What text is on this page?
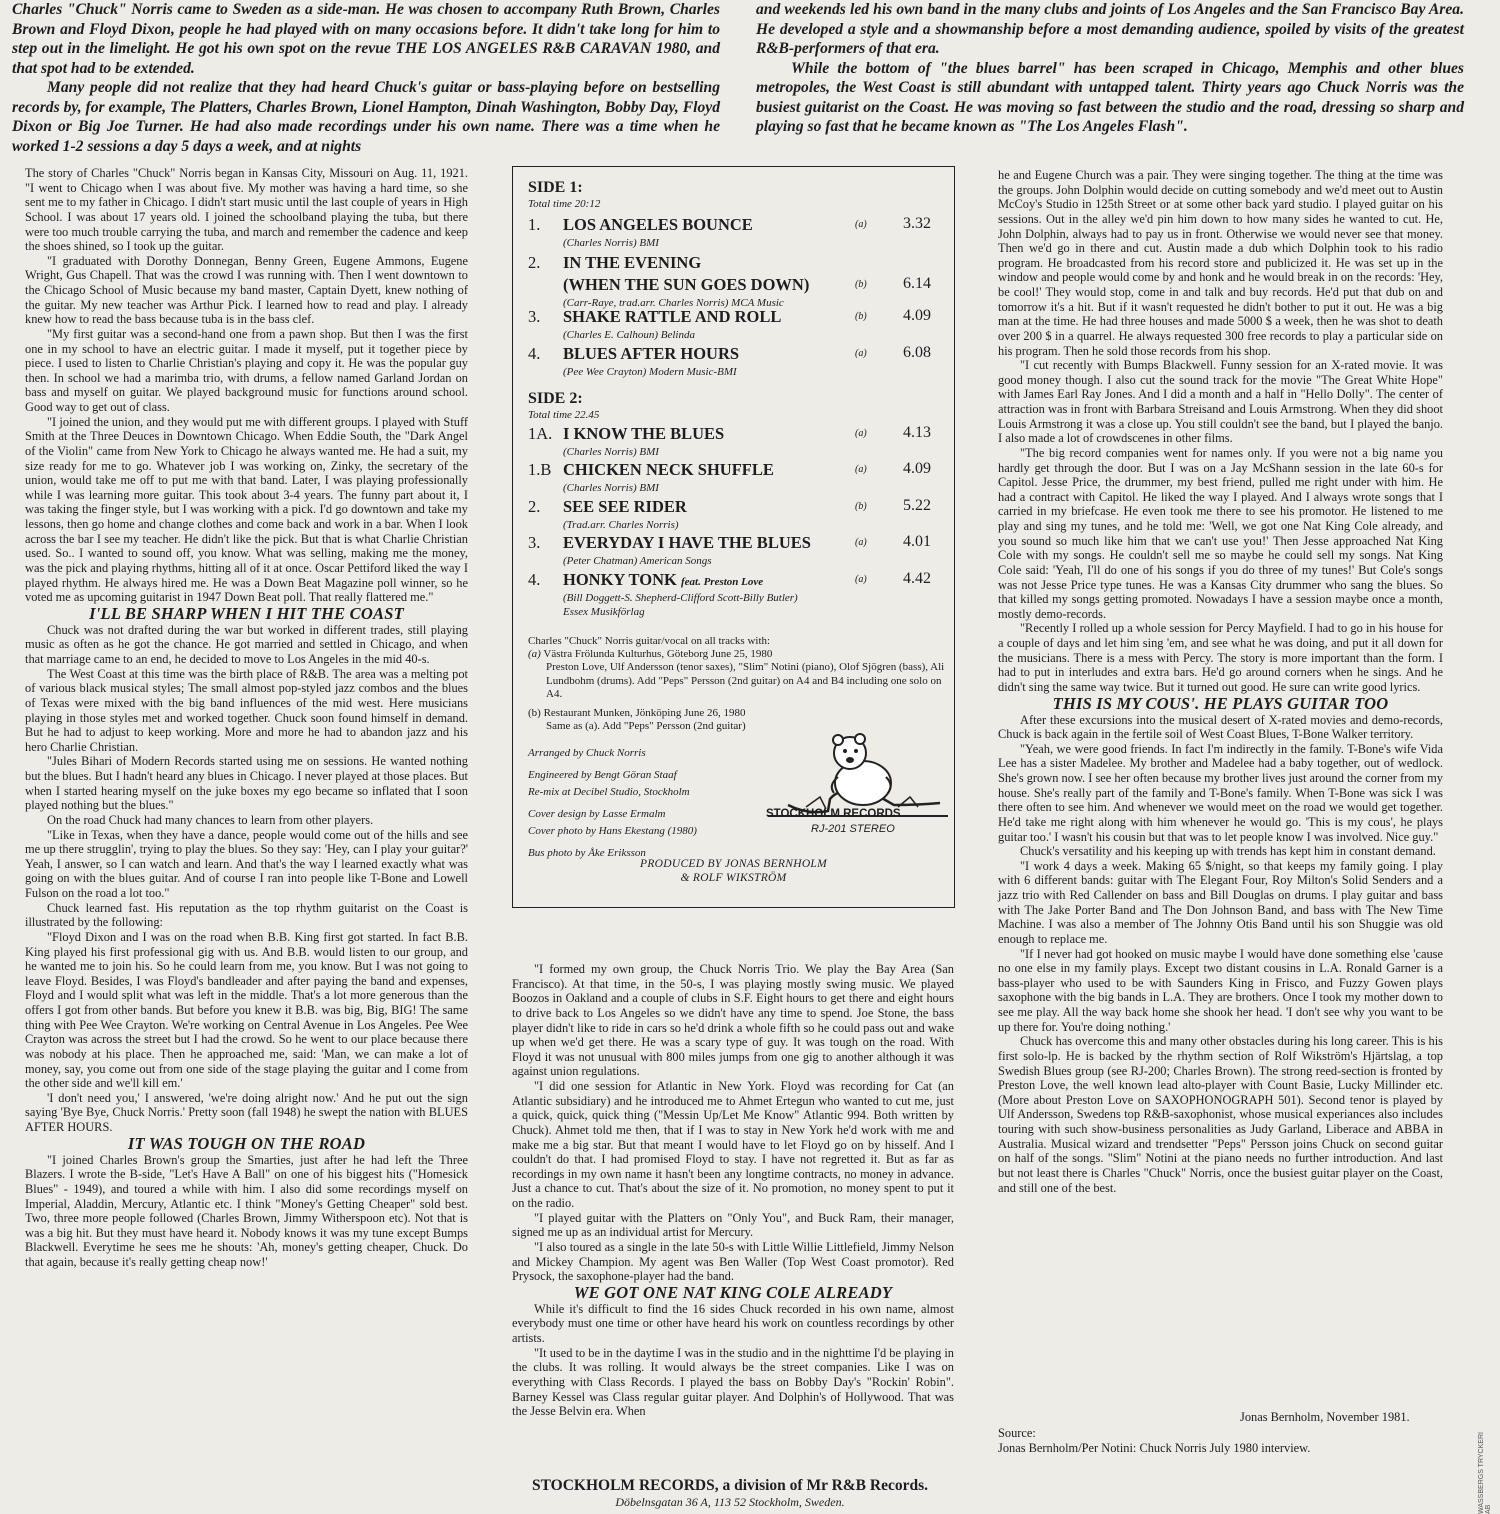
Charles "Chuck" Norris came to Sweden as a side-man. He was chosen to accompany Ruth Brown, Charles Brown and Floyd Dixon, people he had played with on many occasions before. It didn't take long for him to step out in the limelight. He got his own spot on the revue THE LOS ANGELES R&B CARAVAN 1980, and that spot had to be extended.

Many people did not realize that they had heard Chuck's guitar or bass-playing before on bestselling records by, for example, The Platters, Charles Brown, Lionel Hampton, Dinah Washington, Bobby Day, Floyd Dixon or Big Joe Turner. He had also made recordings under his own name. There was a time when he worked 1-2 sessions a day 5 days a week, and at nights

and weekends led his own band in the many clubs and joints of Los Angeles and the San Francisco Bay Area. He developed a style and a showmanship before a most demanding audience, spoiled by visits of the greatest R&B-performers of that era.

While the bottom of "the blues barrel" has been scraped in Chicago, Memphis and other blues metropoles, the West Coast is still abundant with untapped talent. Thirty years ago Chuck Norris was the busiest guitarist on the Coast. He was moving so fast between the studio and the road, dressing so sharp and playing so fast that he became known as "The Los Angeles Flash".

The story of Charles "Chuck" Norris began in Kansas City, Missouri on Aug. 11, 1921. "I went to Chicago when I was about five. My mother was having a hard time, so she sent me to my father in Chicago. I didn't start music until the last couple of years in High School. I was about 17 years old. I joined the schoolband playing the tuba, but there were too much trouble carrying the tuba, and march and remember the cadence and keep the shoes shined, so I took up the guitar.

"I graduated with Dorothy Donnegan, Benny Green, Eugene Ammons, Eugene Wright, Gus Chapell. That was the crowd I was running with. Then I went downtown to the Chicago School of Music because my band master, Captain Dyett, knew nothing of the guitar. My new teacher was Arthur Pick. I learned how to read and play. I already knew how to read the bass because tuba is in the bass clef.

"My first guitar was a second-hand one from a pawn shop. But then I was the first one in my school to have an electric guitar. I made it myself, put it together piece by piece. I used to listen to Charlie Christian's playing and copy it. He was the popular guy then. In school we had a marimba trio, with drums, a fellow named Garland Jordan on bass and myself on guitar. We played background music for functions around school. Good way to get out of class.

"I joined the union, and they would put me with different groups. I played with Stuff Smith at the Three Deuces in Downtown Chicago. When Eddie South, the "Dark Angel of the Violin" came from New York to Chicago he always wanted me. He had a suit, my size ready for me to go. Whatever job I was working on, Zinky, the secretary of the union, would take me off to put me with that band. Later, I was playing professionally while I was learning more guitar. This took about 3-4 years. The funny part about it, I was taking the finger style, but I was working with a pick. I'd go downtown and take my lessons, then go home and change clothes and come back and work in a bar. When I look across the bar I see my teacher. He didn't like the pick. But that is what Charlie Christian used. So.. I wanted to sound off, you know. What was selling, making me the money, was the pick and playing rhythms, hitting all of it at once. Oscar Pettiford liked the way I played rhythm. He always hired me. He was a Down Beat Magazine poll winner, so he voted me as upcoming guitarist in 1947 Down Beat poll. That really flattered me."

I'LL BE SHARP WHEN I HIT THE COAST

Chuck was not drafted during the war but worked in different trades, still playing music as often as he got the chance. He got married and settled in Chicago, and when that marriage came to an end, he decided to move to Los Angeles in the mid 40-s.

The West Coast at this time was the birth place of R&B. The area was a melting pot of various black musical styles; The small almost pop-styled jazz combos and the blues of Texas were mixed with the big band influences of the mid west. Here musicians playing in those styles met and worked together. Chuck soon found himself in demand. But he had to adjust to keep working. More and more he had to abandon jazz and his hero Charlie Christian.

"Jules Bihari of Modern Records started using me on sessions. He wanted nothing but the blues. But I hadn't heard any blues in Chicago. I never played at those places. But when I started hearing myself on the juke boxes my ego became so inflated that I soon played nothing but the blues."

On the road Chuck had many chances to learn from other players.

"Like in Texas, when they have a dance, people would come out of the hills and see me up there strugglin', trying to play the blues. So they say: 'Hey, can I play your guitar?' Yeah, I answer, so I can watch and learn. And that's the way I learned exactly what was going on with the blues guitar. And of course I ran into people like T-Bone and Lowell Fulson on the road a lot too."

Chuck learned fast. His reputation as the top rhythm guitarist on the Coast is illustrated by the following:

"Floyd Dixon and I was on the road when B.B. King first got started. In fact B.B. King played his first professional gig with us. And B.B. would listen to our group, and he wanted me to join his. So he could learn from me, you know. But I was not going to leave Floyd. Besides, I was Floyd's bandleader and after paying the band and expenses, Floyd and I would split what was left in the middle. That's a lot more generous than the offers I got from other bands. But before you knew it B.B. was big, Big, BIG! The same thing with Pee Wee Crayton. We're working on Central Avenue in Los Angeles. Pee Wee Crayton was across the street but I had the crowd. So he went to our place because there was nobody at his place. Then he approached me, said: 'Man, we can make a lot of money, say, you come out from one side of the stage playing the guitar and I come from the other side and we'll kill em.'

'I don't need you,' I answered, 'we're doing alright now.' And he put out the sign saying 'Bye Bye, Chuck Norris.' Pretty soon (fall 1948) he swept the nation with BLUES AFTER HOURS.

IT WAS TOUGH ON THE ROAD

"I joined Charles Brown's group the Smarties, just after he had left the Three Blazers. I wrote the B-side, "Let's Have A Ball" on one of his biggest hits ("Homesick Blues" - 1949), and toured a while with him. I also did some recordings myself on Imperial, Aladdin, Mercury, Atlantic etc. I think "Money's Getting Cheaper" sold best. Two, three more people followed (Charles Brown, Jimmy Witherspoon etc). Not that is was a big hit. But they must have heard it. Nobody knows it was my tune except Bumps Blackwell. Everytime he sees me he shouts: 'Ah, money's getting cheaper, Chuck. Do that again, because it's really getting cheap now!'

SIDE 1:
Total time 20:12
1. LOS ANGELES BOUNCE
(Charles Norris) BMI
(a) 3.32
2. IN THE EVENING
(WHEN THE SUN GOES DOWN)
(Carr-Raye, trad.arr. Charles Norris) MCA Music
(b) 6.14
3. SHAKE RATTLE AND ROLL
(Charles E. Calhoun) Belinda
(b) 4.09
4. BLUES AFTER HOURS
(Pee Wee Crayton) Modern Music-BMI
(a) 6.08
SIDE 2:
Total time 22.45
1A. I KNOW THE BLUES
(Charles Norris) BMI
(a) 4.13
1.B CHICKEN NECK SHUFFLE
(Charles Norris) BMI
(a) 4.09
2. SEE SEE RIDER
(Trad.arr. Charles Norris)
(b) 5.22
3. EVERYDAY I HAVE THE BLUES
(Peter Chatman) American Songs
(a) 4.01
4. HONKY TONK feat. Preston Love
(Bill Doggett-S. Shepherd-Clifford Scott-Billy Butler)
Essex Musikförlag
(a) 4.42

Charles "Chuck" Norris guitar/vocal on all tracks with:

(a) Västra Frölunda Kulturhus, Göteborg June 25, 1980

Preston Love, Ulf Andersson (tenor saxes), "Slim" Notini (piano), Olof Sjögren (bass), Ali Lundbohm (drums). Add "Peps" Persson (2nd guitar) on A4 and B4 including one solo on A4.

(b) Restaurant Munken, Jönköping June 26, 1980

Same as (a). Add "Peps" Persson (2nd guitar)

Arranged by Chuck Norris
Engineered by Bengt Göran Staaf
Re-mix at Decibel Studio, Stockholm
Cover design by Lasse Ermalm
Cover photo by Hans Ekestang (1980)
Bus photo by Åke Eriksson
STOCKHOLM RECORDS
RJ-201 STEREO
PRODUCED BY JONAS BERNHOLM
& ROLF WIKSTRÖM

"I formed my own group, the Chuck Norris Trio. We play the Bay Area (San Francisco). At that time, in the 50-s, I was playing mostly swing music. We played Boozos in Oakland and a couple of clubs in S.F. Eight hours to get there and eight hours to drive back to Los Angeles so we didn't have any time to spend. Joe Stone, the bass player didn't like to ride in cars so he'd drink a whole fifth so he could pass out and wake up when we'd get there. He was a scary type of guy. It was tough on the road. With Floyd it was not unusual with 800 miles jumps from one gig to another although it was against union regulations.

"I did one session for Atlantic in New York. Floyd was recording for Cat (an Atlantic subsidiary) and he introduced me to Ahmet Ertegun who wanted to cut me, just a quick, quick, quick thing ("Messin Up/Let Me Know" Atlantic 994. Both written by Chuck). Ahmet told me then, that if I was to stay in New York he'd work with me and make me a big star. But that meant I would have to let Floyd go on by hisself. And I couldn't do that. I had promised Floyd to stay. I have not regretted it. But as far as recordings in my own name it hasn't been any longtime contracts, no money in advance. Just a chance to cut. That's about the size of it. No promotion, no money spent to put it on the radio.

"I played guitar with the Platters on "Only You", and Buck Ram, their manager, signed me up as an individual artist for Mercury.

"I also toured as a single in the late 50-s with Little Willie Littlefield, Jimmy Nelson and Mickey Champion. My agent was Ben Waller (Top West Coast promotor). Red Prysock, the saxophone-player had the band.

WE GOT ONE NAT KING COLE ALREADY

While it's difficult to find the 16 sides Chuck recorded in his own name, almost everybody must one time or other have heard his work on countless recordings by other artists.

"It used to be in the daytime I was in the studio and in the nighttime I'd be playing in the clubs. It was rolling. It would always be the street companies. Like I was on everything with Class Records. I played the bass on Bobby Day's "Rockin' Robin". Barney Kessel was Class regular guitar player. And Dolphin's of Hollywood. That was the Jesse Belvin era. When

he and Eugene Church was a pair. They were singing together. The thing at the time was the groups. John Dolphin would decide on cutting somebody and we'd meet out to Austin McCoy's Studio in 125th Street or at some other back yard studio. I played guitar on his sessions. Out in the alley we'd pin him down to how many sides he wanted to cut. He, John Dolphin, always had to pay us in front. Otherwise we would never see that money. Then we'd go in there and cut. Austin made a dub which Dolphin took to his radio program. He broadcasted from his record store and publicized it. He was set up in the window and people would come by and honk and he would break in on the records: 'Hey, be cool!' They would stop, come in and talk and buy records. He'd put that dub on and tomorrow it's a hit. But if it wasn't requested he didn't bother to put it out. He was a big man at the time. He had three houses and made 5000 $ a week, then he was shot to death over 200 $ in a quarrel. He always requested 300 free records to play a particular side on his program. Then he sold those records from his shop.

"I cut recently with Bumps Blackwell. Funny session for an X-rated movie. It was good money though. I also cut the sound track for the movie "The Great White Hope" with James Earl Ray Jones. And I did a month and a half in "Hello Dolly". The center of attraction was in front with Barbara Streisand and Louis Armstrong. When they did shoot Louis Armstrong it was a close up. You still couldn't see the band, but I played the banjo. I also made a lot of crowdscenes in other films.

"The big record companies went for names only. If you were not a big name you hardly get through the door. But I was on a Jay McShann session in the late 60-s for Capitol. Jesse Price, the drummer, my best friend, pulled me right under with him. He had a contract with Capitol. He liked the way I played. And I always wrote songs that I carried in my briefcase. He even took me there to see his promotor. He listened to me play and sing my tunes, and he told me: 'Well, we got one Nat King Cole already, and you sound so much like him that we can't use you!' Then Jesse approached Nat King Cole with my songs. He couldn't sell me so maybe he could sell my songs. Nat King Cole said: 'Yeah, I'll do one of his songs if you do three of my tunes!' But Cole's songs was not Jesse Price type tunes. He was a Kansas City drummer who sang the blues. So that killed my songs getting promoted. Nowadays I have a session maybe once a month, mostly demo-records.

"Recently I rolled up a whole session for Percy Mayfield. I had to go in his house for a couple of days and let him sing 'em, and see what he was doing, and put it all down for the musicians. There is a mess with Percy. The story is more important than the form. I had to put in interludes and extra bars. He'd go around corners when he sings. And he didn't sing the same way twice. But it turned out good. He sure can write good lyrics.

THIS IS MY COUS'. HE PLAYS GUITAR TOO

After these excursions into the musical desert of X-rated movies and demo-records, Chuck is back again in the fertile soil of West Coast Blues, T-Bone Walker territory.

"Yeah, we were good friends. In fact I'm indirectly in the family. T-Bone's wife Vida Lee has a sister Madelee. My brother and Madelee had a baby together, out of wedlock. She's grown now. I see her often because my brother lives just around the corner from my house. She's really part of the family and T-Bone's family. When T-Bone was sick I was there often to see him. And whenever we would meet on the road we would get together. He'd take me right along with him whenever he would go. 'This is my cous', he plays guitar too.' I wasn't his cousin but that was to let people know I was involved. Nice guy."

Chuck's versatility and his keeping up with trends has kept him in constant demand.

"I work 4 days a week. Making 65 $/night, so that keeps my family going. I play with 6 different bands: guitar with The Elegant Four, Roy Milton's Solid Senders and a jazz trio with Red Callender on bass and Bill Douglas on drums. I play guitar and bass with The Jake Porter Band and The Don Johnson Band, and bass with The New Time Machine. I was also a member of The Johnny Otis Band until his son Shuggie was old enough to replace me.

"If I never had got hooked on music maybe I would have done something else 'cause no one else in my family plays. Except two distant cousins in L.A. Ronald Garner is a bass-player who used to be with Saunders King in Frisco, and Fuzzy Gowen plays saxophone with the big bands in L.A. They are brothers. Once I took my mother down to see me play. All the way back home she shook her head. 'I don't see why you want to be up there for. You're doing nothing.'

Chuck has overcome this and many other obstacles during his long career. This is his first solo-lp. He is backed by the rhythm section of Rolf Wikström's Hjärtslag, a top Swedish Blues group (see RJ-200; Charles Brown). The strong reed-section is fronted by Preston Love, the well known lead alto-player with Count Basie, Lucky Millinder etc. (More about Preston Love on SAXOPHONOGRAPH 501). Second tenor is played by Ulf Andersson, Swedens top R&B-saxophonist, whose musical experiances also includes touring with such show-business personalities as Judy Garland, Liberace and ABBA in Australia. Musical wizard and trendsetter "Peps" Persson joins Chuck on second guitar on half of the songs. "Slim" Notini at the piano needs no further introduction. And last but not least there is Charles "Chuck" Norris, once the busiest guitar player on the Coast, and still one of the best.

Jonas Bernholm, November 1981.
Source:
Jonas Bernholm/Per Notini: Chuck Norris July 1980 interview.
STOCKHOLM RECORDS, a division of Mr R&B Records.
Döbelnsgatan 36 A, 113 52 Stockholm, Sweden.	WASSBERGS TRYCKERI AB
